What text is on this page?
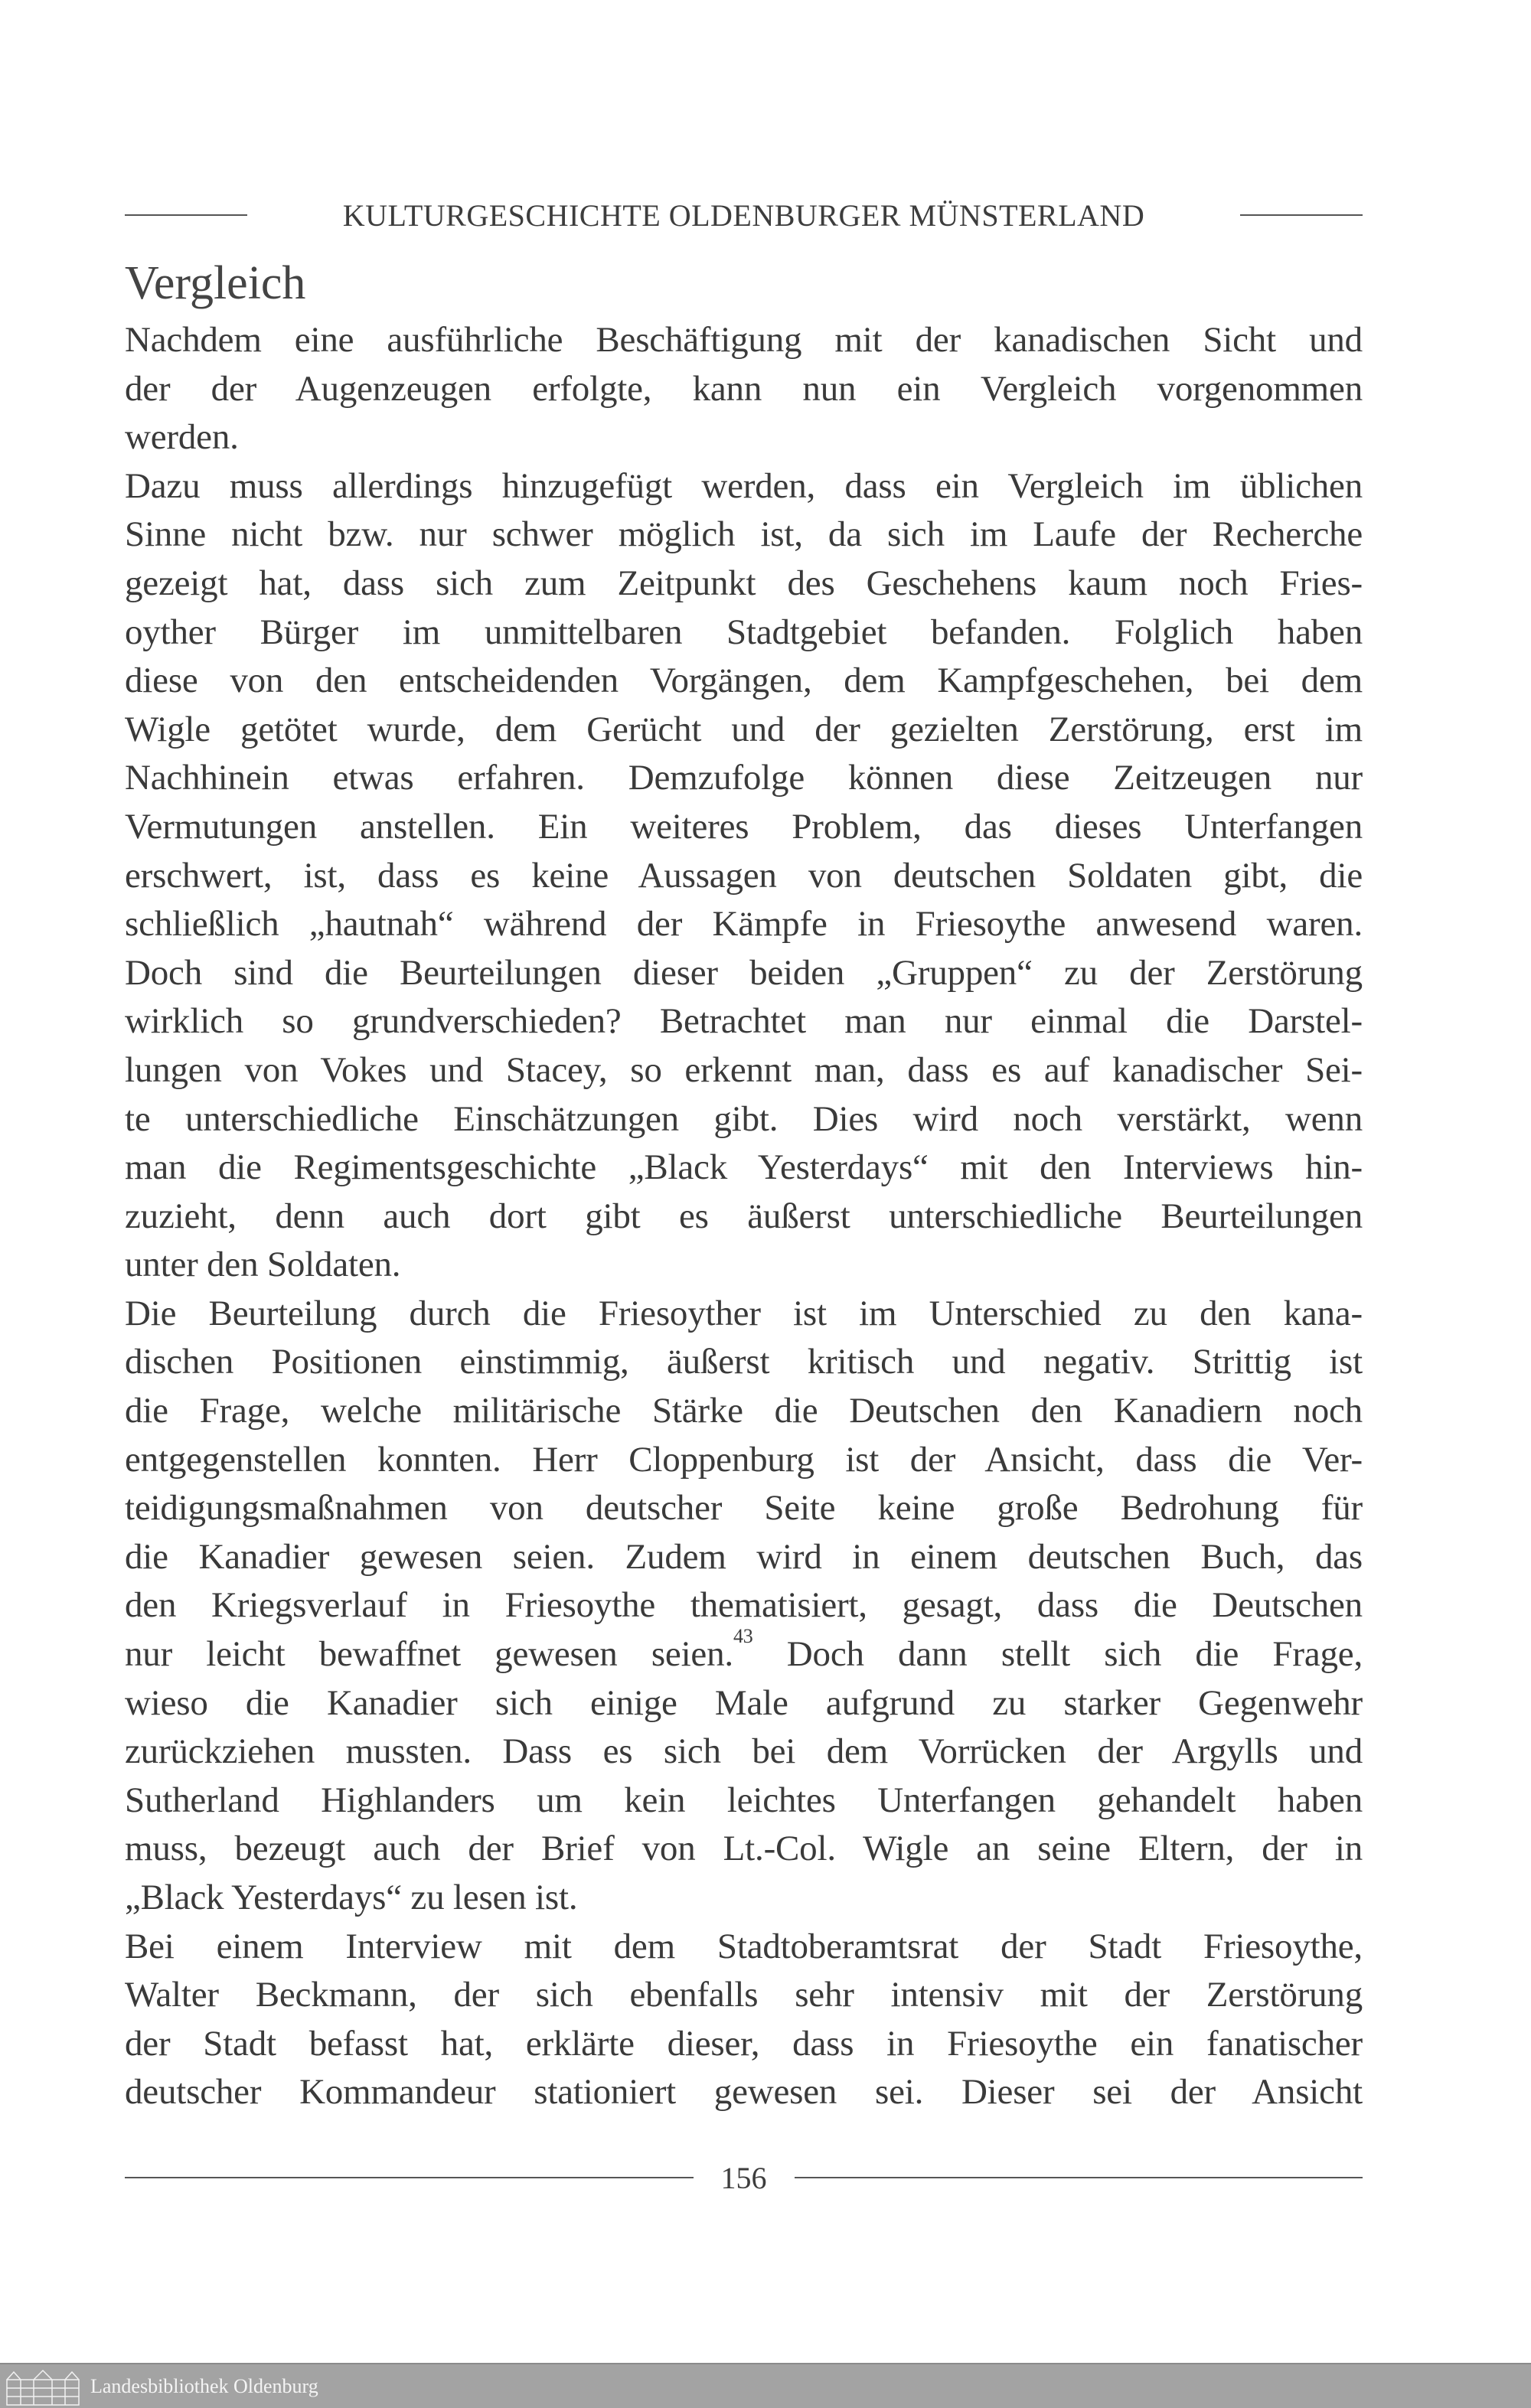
KULTURGESCHICHTE OLDENBURGER MÜNSTERLAND
Vergleich
Nachdem eine ausführliche Beschäftigung mit der kanadischen Sicht und
der der Augenzeugen erfolgte, kann nun ein Vergleich vorgenommen
werden.
Dazu muss allerdings hinzugefügt werden, dass ein Vergleich im üblichen
Sinne nicht bzw. nur schwer möglich ist, da sich im Laufe der Recherche
gezeigt hat, dass sich zum Zeitpunkt des Geschehens kaum noch Fries-
oyther Bürger im unmittelbaren Stadtgebiet befanden. Folglich haben
diese von den entscheidenden Vorgängen, dem Kampfgeschehen, bei dem
Wigle getötet wurde, dem Gerücht und der gezielten Zerstörung, erst im
Nachhinein etwas erfahren. Demzufolge können diese Zeitzeugen nur
Vermutungen anstellen. Ein weiteres Problem, das dieses Unterfangen
erschwert, ist, dass es keine Aussagen von deutschen Soldaten gibt, die
schließlich „hautnah“ während der Kämpfe in Friesoythe anwesend waren.
Doch sind die Beurteilungen dieser beiden „Gruppen“ zu der Zerstörung
wirklich so grundverschieden? Betrachtet man nur einmal die Darstel-
lungen von Vokes und Stacey, so erkennt man, dass es auf kanadischer Sei-
te unterschiedliche Einschätzungen gibt. Dies wird noch verstärkt, wenn
man die Regimentsgeschichte „Black Yesterdays“ mit den Interviews hin-
zuzieht, denn auch dort gibt es äußerst unterschiedliche Beurteilungen
unter den Soldaten.
Die Beurteilung durch die Friesoyther ist im Unterschied zu den kana-
dischen Positionen einstimmig, äußerst kritisch und negativ. Strittig ist
die Frage, welche militärische Stärke die Deutschen den Kanadiern noch
entgegenstellen konnten. Herr Cloppenburg ist der Ansicht, dass die Ver-
teidigungsmaßnahmen von deutscher Seite keine große Bedrohung für
die Kanadier gewesen seien. Zudem wird in einem deutschen Buch, das
den Kriegsverlauf in Friesoythe thematisiert, gesagt, dass die Deutschen
nur leicht bewaffnet gewesen seien.$^{43}$ Doch dann stellt sich die Frage,
wieso die Kanadier sich einige Male aufgrund zu starker Gegenwehr
zurückziehen mussten. Dass es sich bei dem Vorrücken der Argylls und
Sutherland Highlanders um kein leichtes Unterfangen gehandelt haben
muss, bezeugt auch der Brief von Lt.-Col. Wigle an seine Eltern, der in
„Black Yesterdays“ zu lesen ist.
Bei einem Interview mit dem Stadtoberamtsrat der Stadt Friesoythe,
Walter Beckmann, der sich ebenfalls sehr intensiv mit der Zerstörung
der Stadt befasst hat, erklärte dieser, dass in Friesoythe ein fanatischer
deutscher Kommandeur stationiert gewesen sei. Dieser sei der Ansicht
156
Landesbibliothek Oldenburg
